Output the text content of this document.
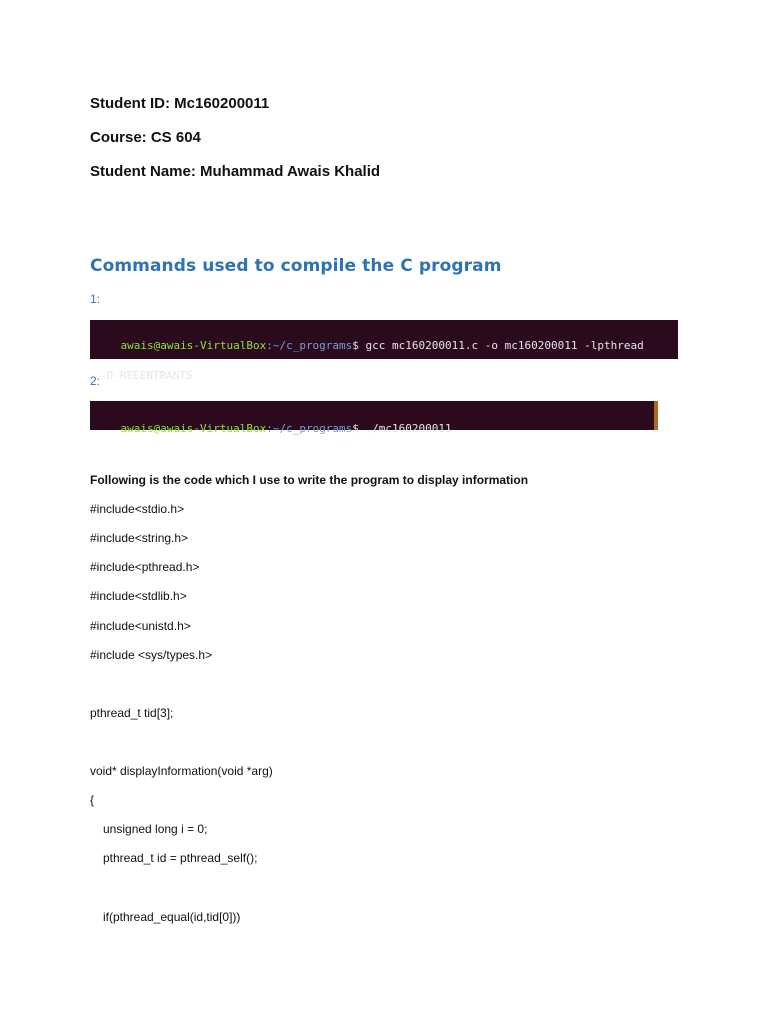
Student ID: Mc160200011
Course: CS 604
Student Name: Muhammad Awais Khalid
Commands used to compile the C program
1:

awais@awais-VirtualBox:~/c_programs$ gcc mc160200011.c -o mc160200011 -lpthread

-D_REEENTRANTS

2:

awais@awais-VirtualBox:~/c_programs$ ./mc160200011

Following is the code which I use to write the program to display information
#include<stdio.h>
#include<string.h>
#include<pthread.h>
#include<stdlib.h>
#include<unistd.h>
#include <sys/types.h>
pthread_t tid[3];
void* displayInformation(void *arg)
{
unsigned long i = 0;
pthread_t id = pthread_self();
if(pthread_equal(id,tid[0]))
